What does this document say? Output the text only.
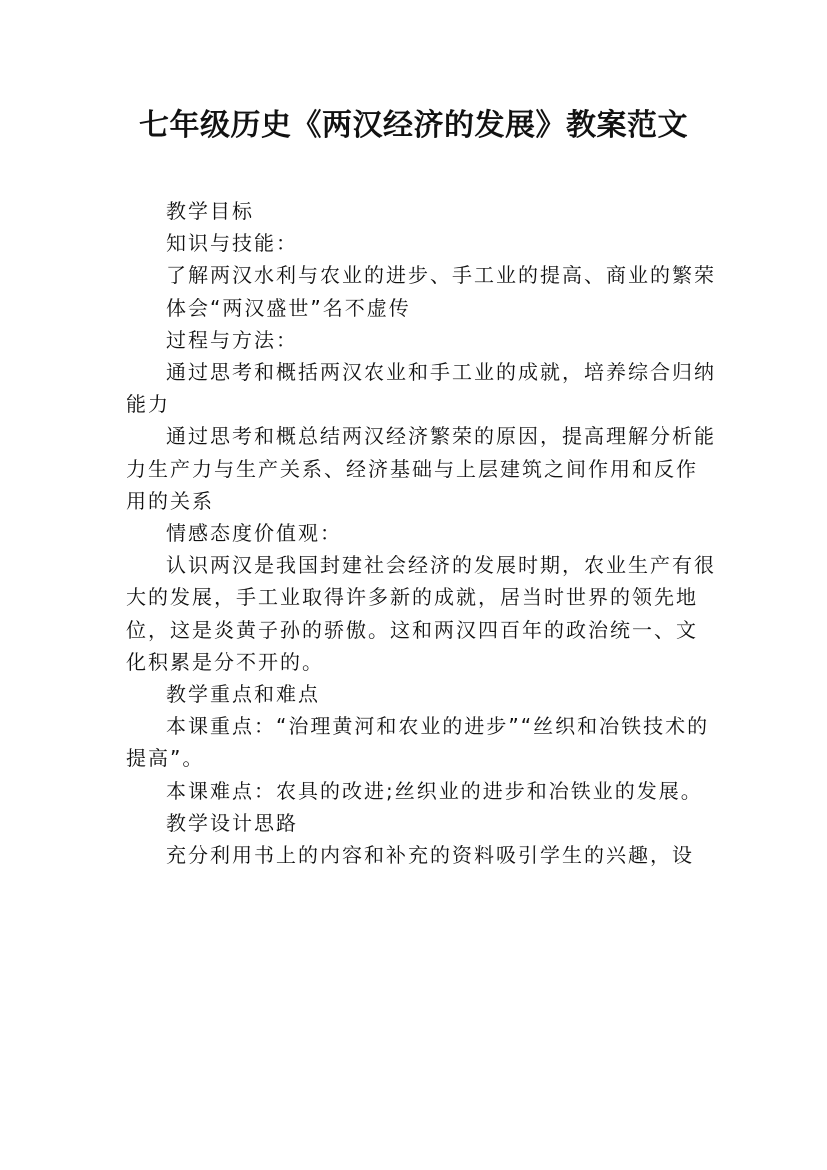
七年级历史《两汉经济的发展》教案范文

教学目标

知识与技能：

了解两汉水利与农业的进步、手工业的提高、商业的繁荣

体会“两汉盛世”名不虚传

过程与方法：

通过思考和概括两汉农业和手工业的成就，培养综合归纳能力

通过思考和概总结两汉经济繁荣的原因，提高理解分析能力生产力与生产关系、经济基础与上层建筑之间作用和反作用的关系

情感态度价值观：

认识两汉是我国封建社会经济的发展时期，农业生产有很大的发展，手工业取得许多新的成就，居当时世界的领先地位，这是炎黄子孙的骄傲。这和两汉四百年的政治统一、文化积累是分不开的。

教学重点和难点

本课重点：“治理黄河和农业的进步”“丝织和冶铁技术的提高”。

本课难点：农具的改进;丝织业的进步和冶铁业的发展。

教学设计思路

充分利用书上的内容和补充的资料吸引学生的兴趣，设
